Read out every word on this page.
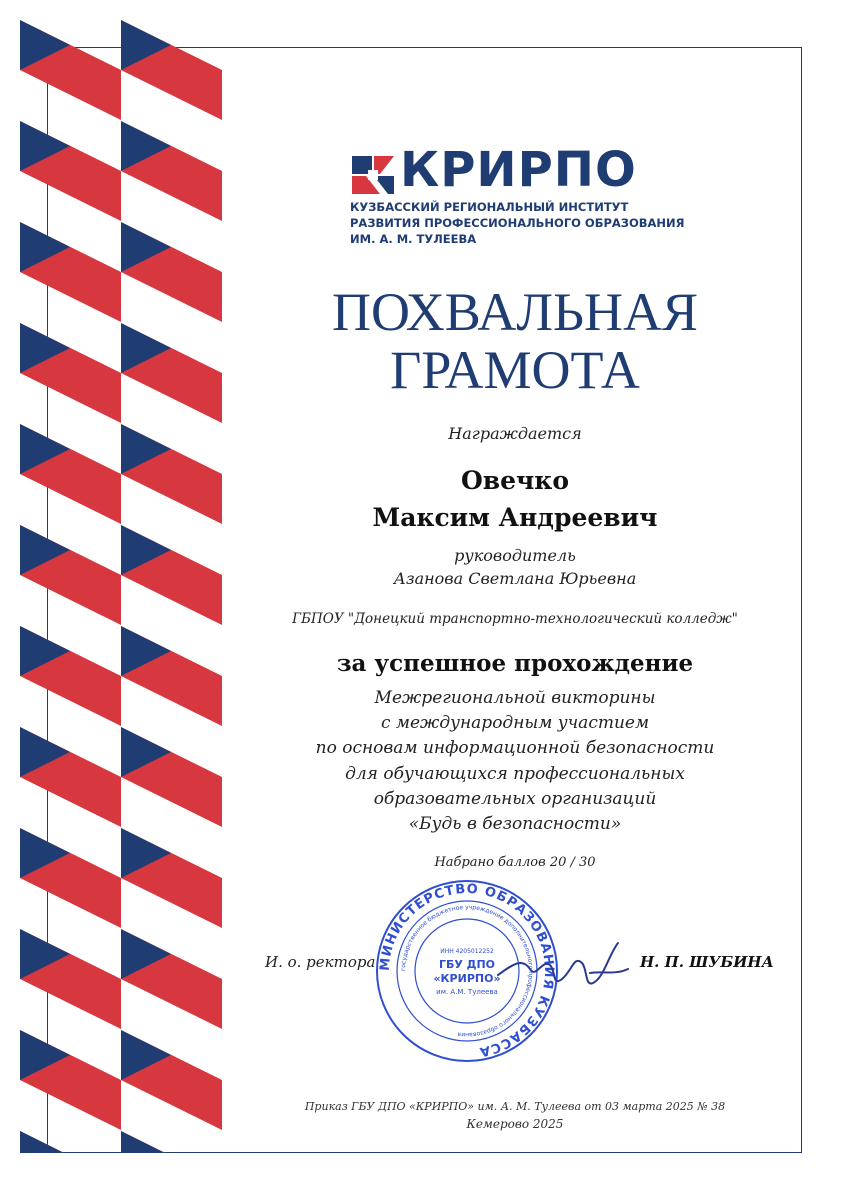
КРИРПО
КУЗБАССКИЙ РЕГИОНАЛЬНЫЙ ИНСТИТУТ
РАЗВИТИЯ ПРОФЕССИОНАЛЬНОГО ОБРАЗОВАНИЯ
ИМ. А. М. ТУЛЕЕВА
ПОХВАЛЬНАЯ
ГРАМОТА
Награждается
Овечко
Максим Андреевич
руководитель
Азанова Светлана Юрьевна
ГБПОУ "Донецкий транспортно-технологический колледж"
за успешное прохождение
Межрегиональной викторины
с международным участием
по основам информационной безопасности
для обучающихся профессиональных
образовательных организаций
«Будь в безопасности»
Набрано баллов 20 / 30
И. о. ректора МИНИСТЕРСТВО ОБРАЗОВАНИЯ КУЗБАССА
государственное бюджетное учреждение дополнительного профессионального образования
ИНН 4205012252
ГБУ ДПО
«КРИРПО»
им. А.М. Тулеева
Н. П. ШУБИНА
Приказ ГБУ ДПО «КРИРПО» им. А. М. Тулеева от 03 марта 2025 № 38
Кемерово 2025
